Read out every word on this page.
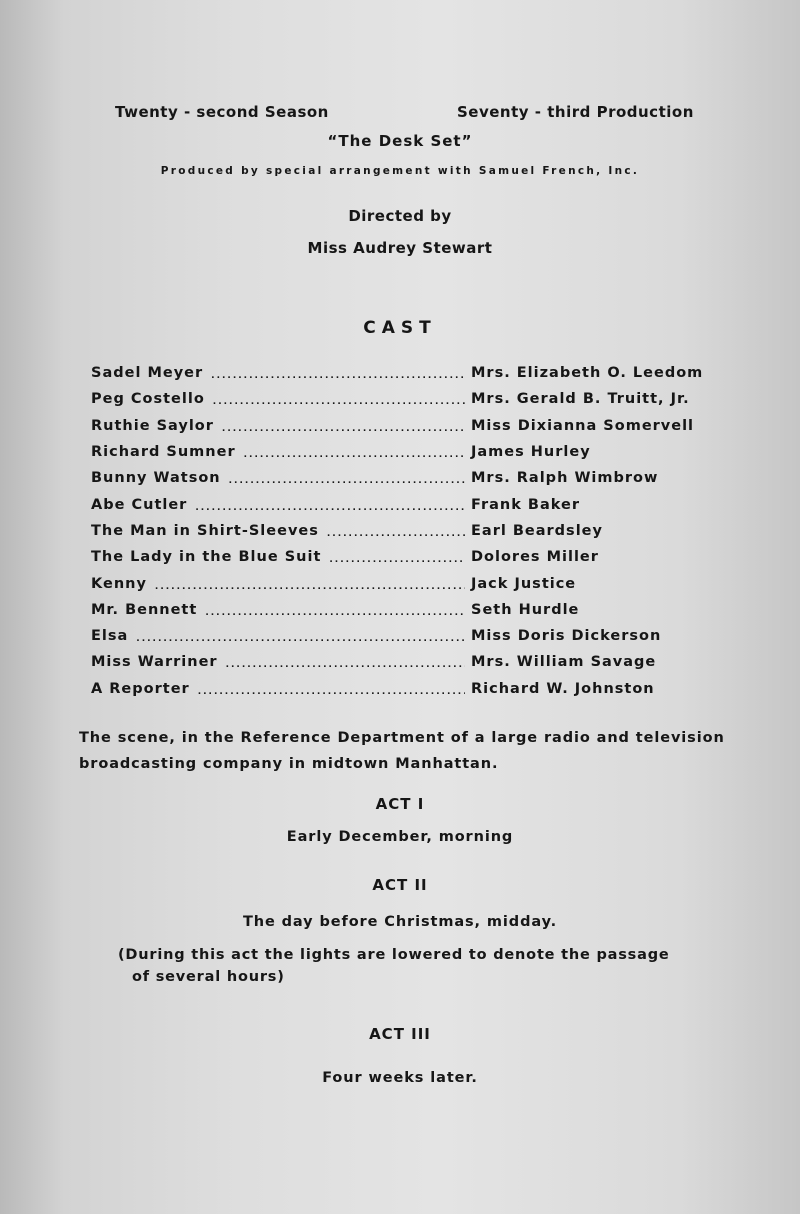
Twenty - second Season	Seventy - third Production
“The Desk Set”
Produced by special arrangement with Samuel French, Inc.
Directed by
Miss Audrey Stewart
CAST
Sadel Meyer .....	Mrs. Elizabeth O. Leedom
Peg Costello .....	Mrs. Gerald B. Truitt, Jr.
Ruthie Saylor .....	Miss Dixianna Somervell
Richard Sumner .....	James Hurley
Bunny Watson .....	Mrs. Ralph Wimbrow
Abe Cutler .....	Frank Baker
The Man in Shirt-Sleeves .....	Earl Beardsley
The Lady in the Blue Suit .....	Dolores Miller
Kenny .....	Jack Justice
Mr. Bennett .....	Seth Hurdle
Elsa .....	Miss Doris Dickerson
Miss Warriner .....	Mrs. William Savage
A Reporter .....	Richard W. Johnston
The scene, in the Reference Department of a large radio and television
broadcasting company in midtown Manhattan.
ACT I
Early December, morning
ACT II
The day before Christmas, midday.
(During this act the lights are lowered to denote the passage
of several hours)
ACT III
Four weeks later.
